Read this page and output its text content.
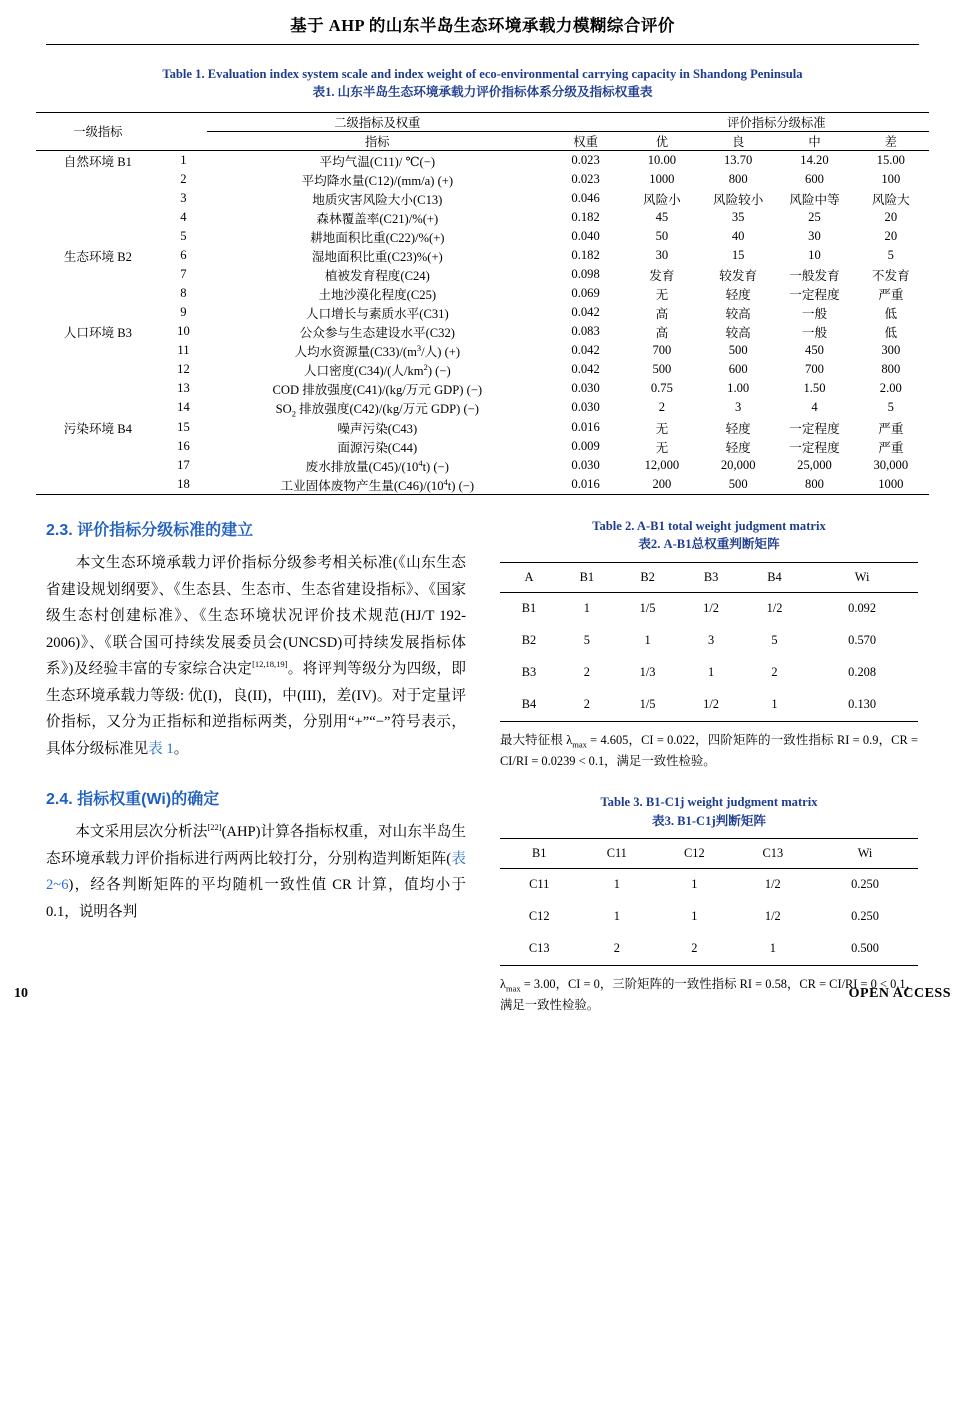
基于 AHP 的山东半岛生态环境承载力模糊综合评价
Table 1. Evaluation index system scale and index weight of eco-environmental carrying capacity in Shandong Peninsula
表1. 山东半岛生态环境承载力评价指标体系分级及指标权重表
一级指标		二级指标及权重		评价指标分级标准			
		指标	权重	优	良	中	差
自然环境 B1	1	平均气温(C11)/ ℃(−)	0.023	10.00	13.70	14.20	15.00
	2	平均降水量(C12)/(mm/a) (+)	0.023	1000	800	600	100
	3	地质灾害风险大小(C13)	0.046	风险小	风险较小	风险中等	风险大
	4	森林覆盖率(C21)/%(+)	0.182	45	35	25	20
	5	耕地面积比重(C22)/%(+)	0.040	50	40	30	20
生态环境 B2	6	湿地面积比重(C23)%(+)	0.182	30	15	10	5
	7	植被发育程度(C24)	0.098	发育	较发育	一般发育	不发育
	8	土地沙漠化程度(C25)	0.069	无	轻度	一定程度	严重
	9	人口增长与素质水平(C31)	0.042	高	较高	一般	低
人口环境 B3	10	公众参与生态建设水平(C32)	0.083	高	较高	一般	低
	11	人均水资源量$(C33)/(m^3/$人) (+)	0.042	700	500	450	300
	12	人口密度(C34)/(人$/km^2$) (−)	0.042	500	600	700	800
	13	COD 排放强度(C41)/(kg/万元 GDP) (−)	0.030	0.75	1.00	1.50	2.00
	14	$SO_2$ 排放强度(C42)/(kg/万元 GDP) (−)	0.030	2	3	4	5
污染环境 B4	15	噪声污染(C43)	0.016	无	轻度	一定程度	严重
	16	面源污染(C44)	0.009	无	轻度	一定程度	严重
	17	废水排放量$(C45)/(10^4t)$ (−)	0.030	12,000	20,000	25,000	30,000
	18	工业固体废物产生量$(C46)/(10^4t)$ (−)	0.016	200	500	800	1000
2.3. 评价指标分级标准的建立

本文生态环境承载力评价指标分级参考相关标准(《山东生态省建设规划纲要》、《生态县、生态市、生态省建设指标》、《国家级生态村创建标准》、《生态环境状况评价技术规范(HJ/T 192-2006)》、《联合国可持续发展委员会(UNCSD)可持续发展指标体系》)及经验丰富的专家综合决定[12,18,19]。将评判等级分为四级，即生态环境承载力等级: 优(I)，良(II)，中(III)，差(IV)。对于定量评价指标，又分为正指标和逆指标两类，分别用“+”“−”符号表示，具体分级标准见表 1。

2.4. 指标权重(Wi)的确定

本文采用层次分析法[22](AHP)计算各指标权重，对山东半岛生态环境承载力评价指标进行两两比较打分，分别构造判断矩阵(表 2~6)，经各判断矩阵的平均随机一致性值 CR 计算，值均小于 0.1，说明各判

Table 2. A-B1 total weight judgment matrix
表2. A-B1总权重判断矩阵
A	B1	B2	B3	B4	Wi
B1	1	1/5	1/2	1/2	0.092
B2	5	1	3	5	0.570
B3	2	1/3	1	2	0.208
B4	2	1/5	1/2	1	0.130
最大特征根 $\lambda_{max} = 4.605$，CI = 0.022，四阶矩阵的一致性指标 RI = 0.9，CR = CI/RI = 0.0239 < 0.1，满足一致性检验。
Table 3. B1-C1j weight judgment matrix
表3. B1-C1j判断矩阵
B1	C11	C12	C13	Wi
C11	1	1	1/2	0.250
C12	1	1	1/2	0.250
C13	2	2	1	0.500
$\lambda_{max} = 3.00$，CI = 0，三阶矩阵的一致性指标 RI = 0.58，CR = CI/RI = 0 < 0.1，满足一致性检验。
10	OPEN ACCESS
